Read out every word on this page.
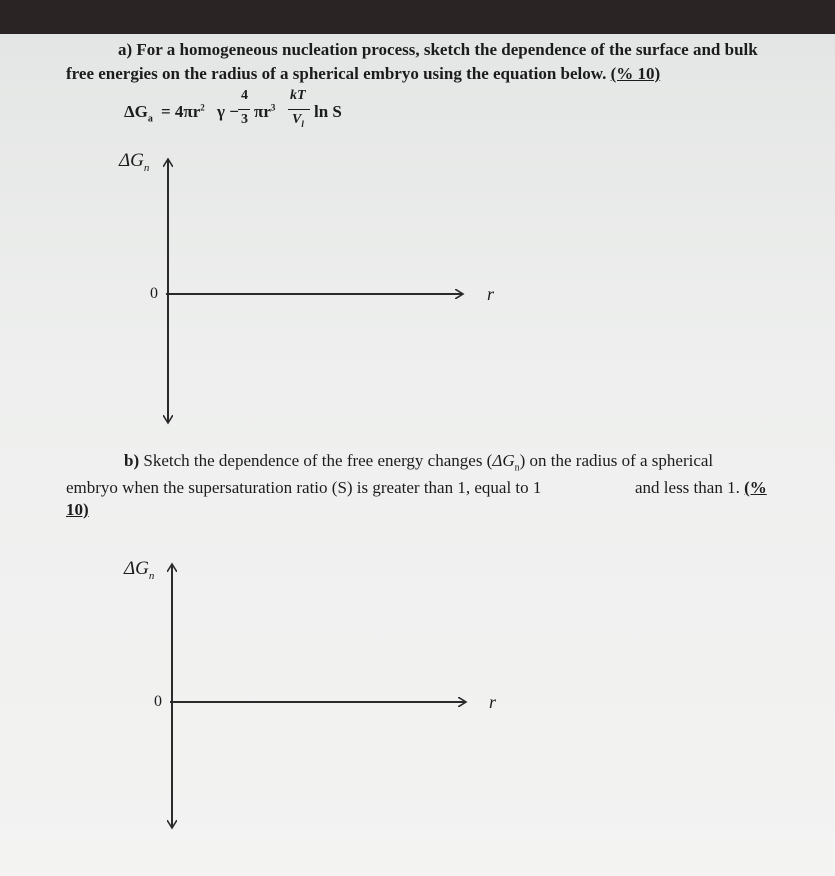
a) For a homogeneous nucleation process, sketch the dependence of the surface and bulk
free energies on the radius of a spherical embryo using the equation below. (% 10)
$\Delta G_a = 4\pi r^2$ γ −
4
3 $\pi r^3$
kT
$V_l$
ln S
$\Delta G_n$
0	r
b) Sketch the dependence of the free energy changes $(\Delta G_n)$ on the radius of a spherical
embryo when the supersaturation ratio (S) is greater than 1, equal to 1	and less than 1. (%
10)
$\Delta G_n$
0	r
